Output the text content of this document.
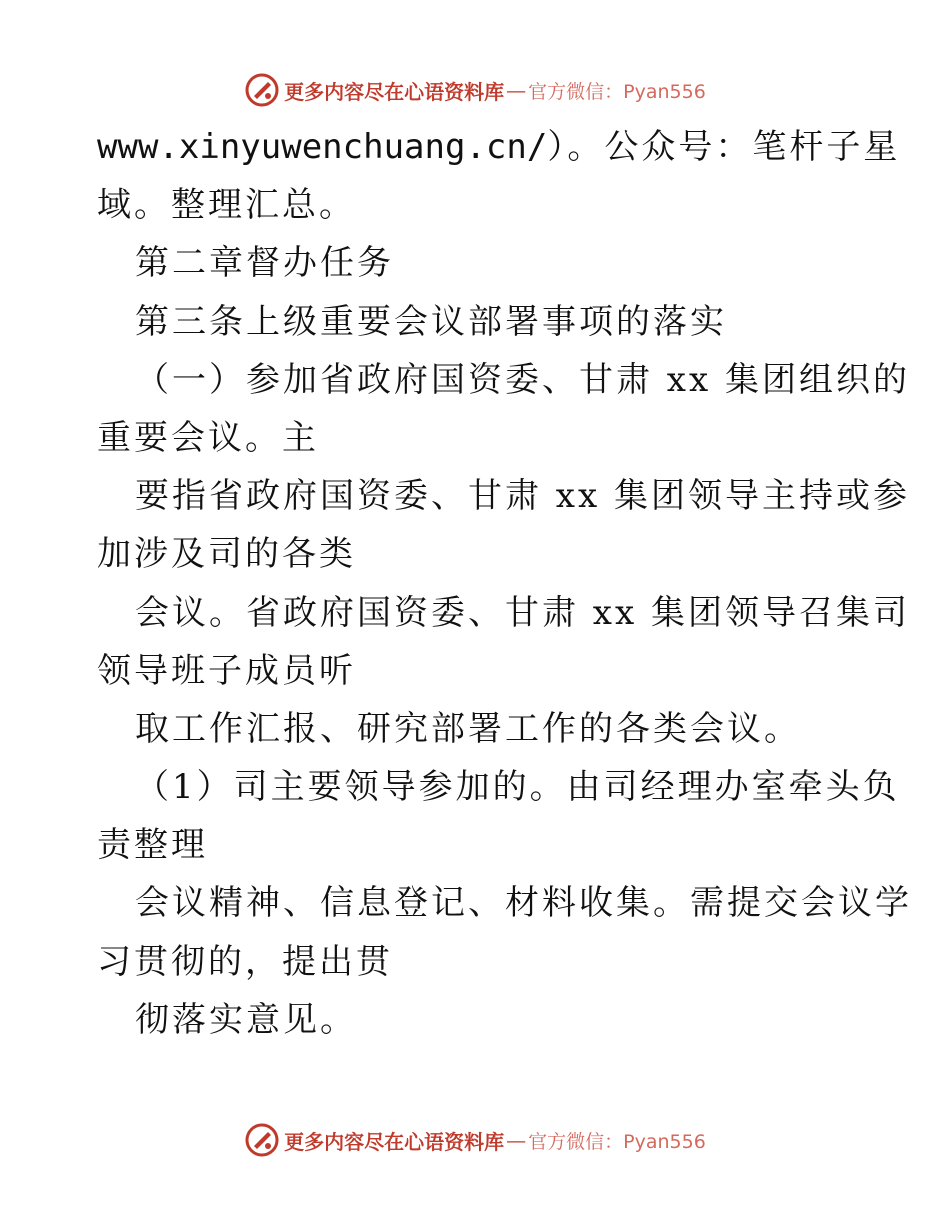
更多内容尽在心语资料库 — 官方微信：Pyan556
www.xinyuwenchuang.cn/）。公众号：笔杆子星
域。整理汇总。
第二章督办任务
第三条上级重要会议部署事项的落实
（一）参加省政府国资委、甘肃 xx 集团组织的
重要会议。主
要指省政府国资委、甘肃 xx 集团领导主持或参
加涉及司的各类
会议。省政府国资委、甘肃 xx 集团领导召集司
领导班子成员听
取工作汇报、研究部署工作的各类会议。
（1）司主要领导参加的。由司经理办室牵头负
责整理
会议精神、信息登记、材料收集。需提交会议学
习贯彻的，提出贯
彻落实意见。
更多内容尽在心语资料库 — 官方微信：Pyan556
